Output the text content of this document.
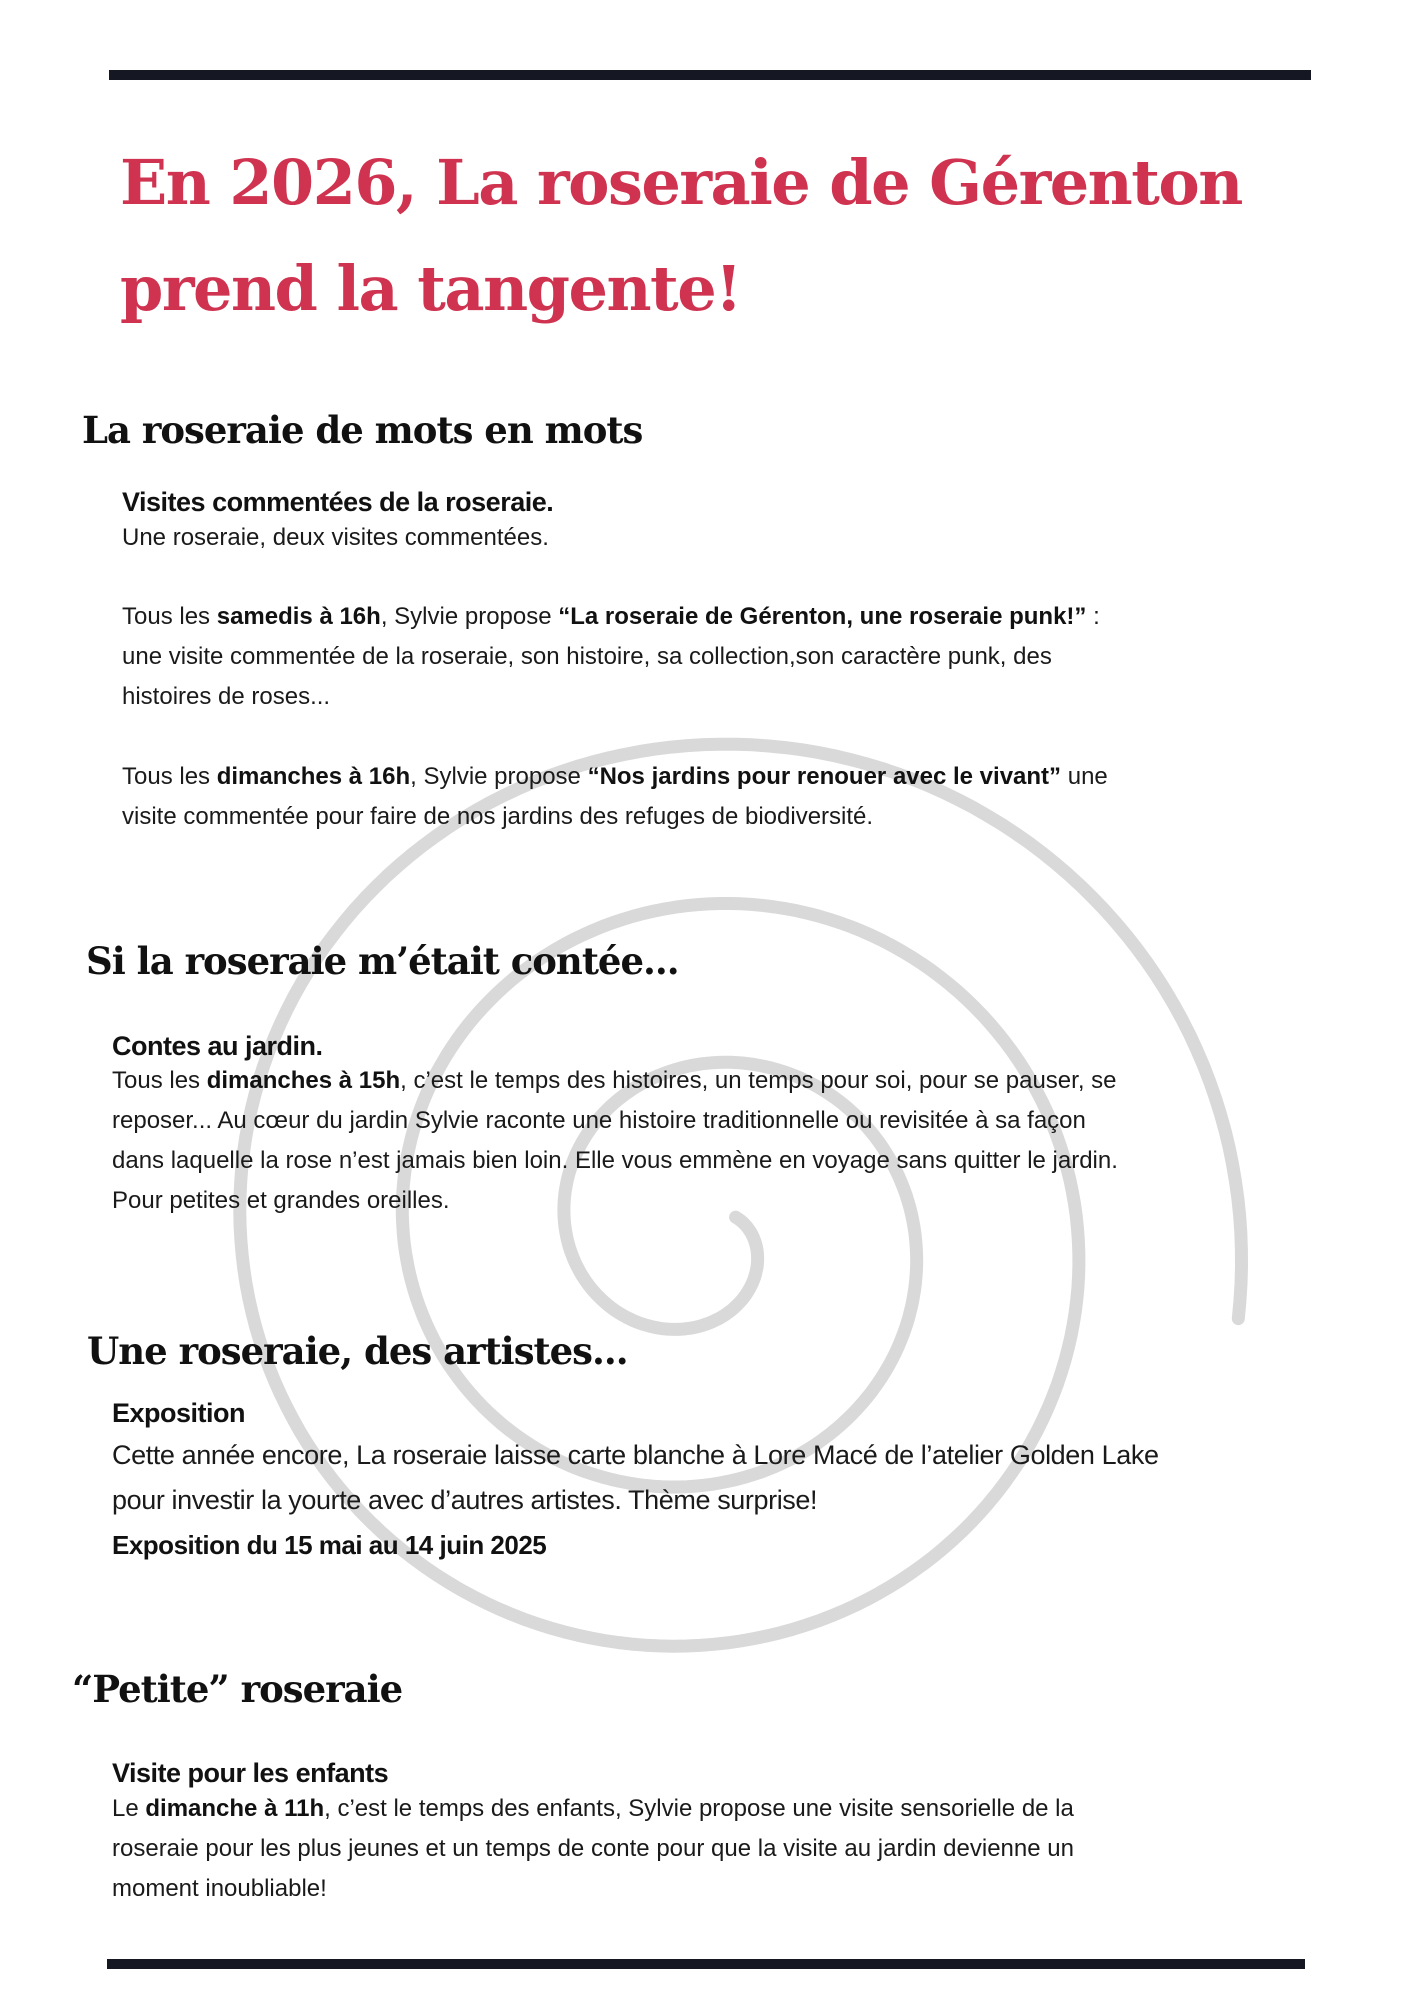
En 2026, La roseraie de Gérenton
prend la tangente!
La roseraie de mots en mots
Visites commentées de la roseraie.
Une roseraie, deux visites commentées.
Tous les samedis à 16h, Sylvie propose “La roseraie de Gérenton, une roseraie punk!” :
une visite commentée de la roseraie, son histoire, sa collection,son caractère punk, des
histoires de roses...
Tous les dimanches à 16h, Sylvie propose “Nos jardins pour renouer avec le vivant” une
visite commentée pour faire de nos jardins des refuges de biodiversité.
Si la roseraie m’était contée...
Contes au jardin.
Tous les dimanches à 15h, c’est le temps des histoires, un temps pour soi, pour se pauser, se
reposer... Au cœur du jardin Sylvie raconte une histoire traditionnelle ou revisitée à sa façon
dans laquelle la rose n’est jamais bien loin. Elle vous emmène en voyage sans quitter le jardin.
Pour petites et grandes oreilles.
Une roseraie, des artistes...
Exposition
Cette année encore, La roseraie laisse carte blanche à Lore Macé de l’atelier Golden Lake
pour investir la yourte avec d’autres artistes. Thème surprise!
Exposition du 15 mai au 14 juin 2025
“Petite” roseraie
Visite pour les enfants
Le dimanche à 11h, c’est le temps des enfants, Sylvie propose une visite sensorielle de la
roseraie pour les plus jeunes et un temps de conte pour que la visite au jardin devienne un
moment inoubliable!
